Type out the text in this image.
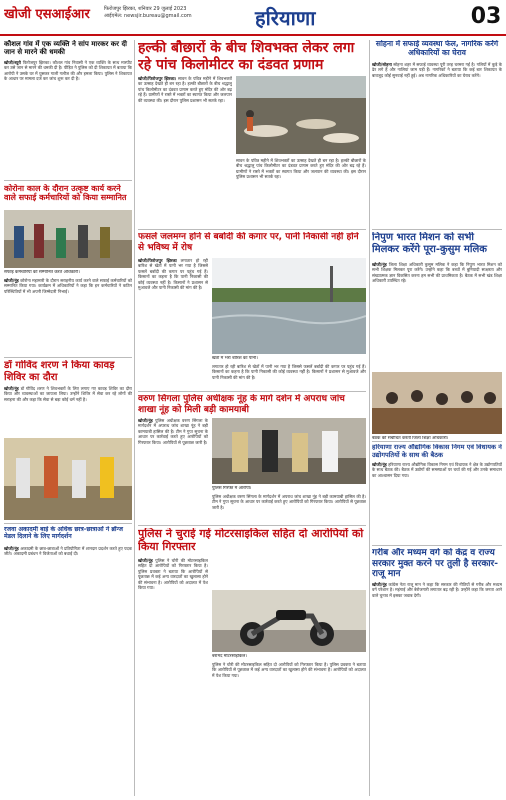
खोजी एसआईआर	फिरोजपुर झिरका, शनिवार 29 जुलाई 2023
आईएमेल: newsjir.bureau@gmail.com	हरियाणा	03
कौशल गांव में एक व्यक्ति ने सांप मारकर कर दी जान से मारने की धमकी
खोजी/ब्यूरो फिरोजपुर झिरका। कौशल गांव निवासी ने एक व्यक्ति के साथ मारपीट कर उसे जान से मारने की धमकी दी है। पीड़ित ने पुलिस को दी शिकायत में बताया कि आरोपी ने उसके घर में घुसकर गाली गलौज की और हमला किया। पुलिस ने शिकायत के आधार पर मामला दर्ज कर जांच शुरू कर दी है।
हल्की बौछारों के बीच शिवभक्त लेकर लगा रहे पांच किलोमीटर का दंडवत प्रणाम
खोजी/फिरोजपुर झिरका। सावन के पवित्र महीने में शिवभक्तों का उत्साह देखते ही बन रहा है। हल्की बौछारों के बीच श्रद्धालु पांच किलोमीटर का दंडवत प्रणाम करते हुए मंदिर की ओर बढ़ रहे हैं। ग्रामीणों ने रास्ते में भक्तों का स्वागत किया और जलपान की व्यवस्था की। इस दौरान पुलिस प्रशासन भी सतर्क रहा।
सावन के पवित्र महीने में शिवभक्तों का उत्साह देखते ही बन रहा है। हल्की बौछारों के बीच श्रद्धालु पांच किलोमीटर का दंडवत प्रणाम करते हुए मंदिर की ओर बढ़ रहे हैं। ग्रामीणों ने रास्ते में भक्तों का स्वागत किया और जलपान की व्यवस्था की। इस दौरान पुलिस प्रशासन भी सतर्क रहा।
सोहना में सफाई व्यवस्था फेल, नागरिक करेंगे अधिकारियों का घेराव
खोजी/सोहना सोहना शहर में सफाई व्यवस्था पूरी तरह चरमरा गई है। गलियों में कूड़े के ढेर लगे हैं और नालियां जाम पड़ी हैं। नागरिकों ने बताया कि कई बार शिकायत के बावजूद कोई सुनवाई नहीं हुई। अब नागरिक अधिकारियों का घेराव करेंगे।
कोरोना काल के दौरान उत्कृष्ट कार्य करने वाले सफाई कर्मचारियों को किया सम्मानित
सफाई कर्मचारियों को सम्मानित करते अधिकारी।
खोजी/नूंह कोरोना महामारी के दौरान सराहनीय कार्य करने वाले सफाई कर्मचारियों को सम्मानित किया गया। कार्यक्रम में अधिकारियों ने कहा कि इन कर्मचारियों ने कठिन परिस्थितियों में भी अपनी जिम्मेदारी निभाई।
फसलें जलमग्न होने से बर्बादी की कगार पर, पानी निकासी नहीं होने से भविष्य में रोष
खोजी/फिरोजपुर झिरका लगातार हो रही बारिश से खेतों में पानी भर गया है जिससे फसलें बर्बादी की कगार पर पहुंच गई हैं। किसानों का कहना है कि पानी निकासी की कोई व्यवस्था नहीं है। किसानों ने प्रशासन से मुआवजे और पानी निकासी की मांग की है।
खेतों में भरा बारिश का पानी।
लगातार हो रही बारिश से खेतों में पानी भर गया है जिससे फसलें बर्बादी की कगार पर पहुंच गई हैं। किसानों का कहना है कि पानी निकासी की कोई व्यवस्था नहीं है। किसानों ने प्रशासन से मुआवजे और पानी निकासी की मांग की है।
निपुण भारत मिशन को सभी मिलकर करेंगे पूरा-कुसुम मलिक
खोजी/नूंह जिला शिक्षा अधिकारी कुसुम मलिक ने कहा कि निपुण भारत मिशन को सभी शिक्षक मिलकर पूरा करेंगे। उन्होंने कहा कि बच्चों में बुनियादी साक्षरता और संख्यात्मक ज्ञान विकसित करना हम सभी की प्राथमिकता है। बैठक में सभी खंड शिक्षा अधिकारी उपस्थित रहे।
बैठक को संबोधित करतीं जिला शिक्षा अधिकारी।
डॉ गोविंद शरण ने किया कावड़ शिविर का दौरा
खोजी/नूंह डॉ गोविंद शरण ने शिवभक्तों के लिए लगाए गए कावड़ शिविर का दौरा किया और व्यवस्थाओं का जायजा लिया। उन्होंने शिविर में सेवा कर रहे लोगों की सराहना की और कहा कि सेवा से बड़ा कोई धर्म नहीं है।	वरुण सिंगला पुलिस अधीक्षक नूंह के मार्ग दर्शन में अपराध जांच शाखा नूंह को मिली बड़ी कामयाबी
खोजी/नूंह पुलिस अधीक्षक वरुण सिंगला के मार्गदर्शन में अपराध जांच शाखा नूंह ने बड़ी कामयाबी हासिल की है। टीम ने गुप्त सूचना के आधार पर कार्रवाई करते हुए आरोपियों को गिरफ्तार किया। आरोपियों से पूछताछ जारी है।
पुलिस गिरफ्त में आरोपी।
पुलिस अधीक्षक वरुण सिंगला के मार्गदर्शन में अपराध जांच शाखा नूंह ने बड़ी कामयाबी हासिल की है। टीम ने गुप्त सूचना के आधार पर कार्रवाई करते हुए आरोपियों को गिरफ्तार किया। आरोपियों से पूछताछ जारी है।
हरियाणा राज्य औद्योगिक विकास निगम एवं विधायक ने उद्योगपतियों के साथ की बैठक
खोजी/नूंह हरियाणा राज्य औद्योगिक विकास निगम एवं विधायक ने क्षेत्र के उद्योगपतियों के साथ बैठक की। बैठक में उद्योगों की समस्याओं पर चर्चा की गई और उनके समाधान का आश्वासन दिया गया।
रजवा अकादमी बाई के अधिक छात्र-छात्राओं ने ब्रॉन्ज मेडल दिलाने के लिए मार्गदर्शन
खोजी/नूंह अकादमी के छात्र-छात्राओं ने प्रतियोगिता में शानदार प्रदर्शन करते हुए पदक जीते। अकादमी प्रबंधन ने विजेताओं को बधाई दी।
पुलिस ने चुराई गई मोटरसाइकिल सहित दो आरोपियों को किया गिरफ्तार
खोजी/नूंह पुलिस ने चोरी की मोटरसाइकिल सहित दो आरोपियों को गिरफ्तार किया है। पुलिस प्रवक्ता ने बताया कि आरोपियों से पूछताछ में कई अन्य वारदातों का खुलासा होने की संभावना है। आरोपियों को अदालत में पेश किया गया।
बरामद मोटरसाइकिल।
पुलिस ने चोरी की मोटरसाइकिल सहित दो आरोपियों को गिरफ्तार किया है। पुलिस प्रवक्ता ने बताया कि आरोपियों से पूछताछ में कई अन्य वारदातों का खुलासा होने की संभावना है। आरोपियों को अदालत में पेश किया गया।
गरीब और मध्यम वर्ग को केंद्र व राज्य सरकार मुक्त करने पर तुली है सरकार-राजू मान
खोजी/नूंह कांग्रेस नेता राजू मान ने कहा कि सरकार की नीतियों से गरीब और मध्यम वर्ग परेशान है। महंगाई और बेरोजगारी लगातार बढ़ रही है। उन्होंने कहा कि जनता आने वाले चुनाव में इसका जवाब देगी।
